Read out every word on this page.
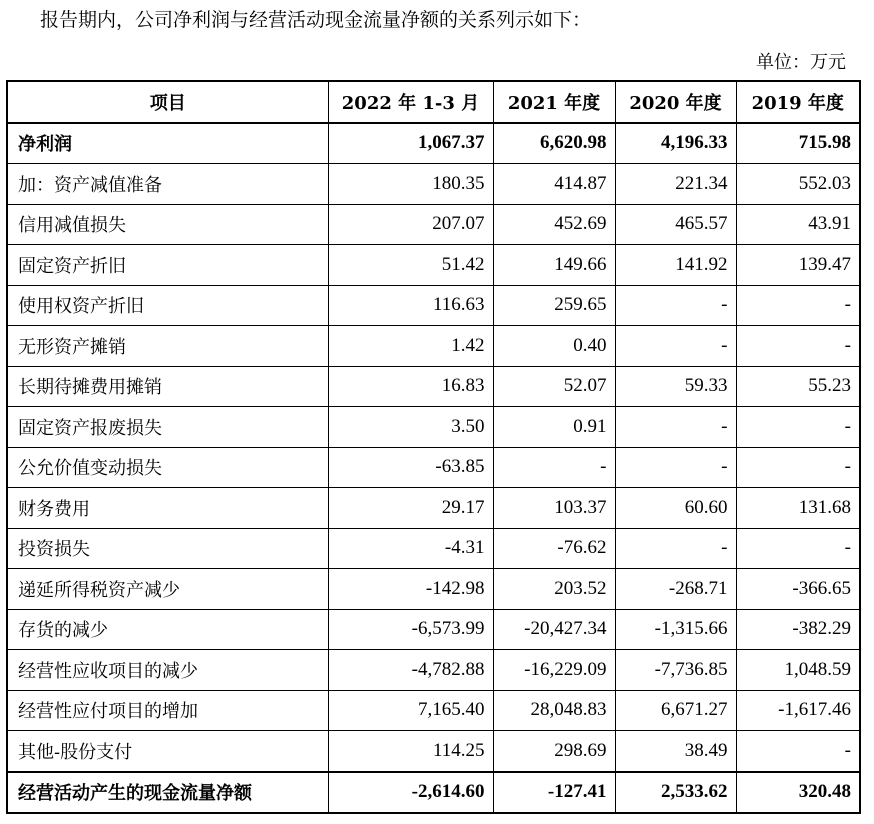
报告期内，公司净利润与经营活动现金流量净额的关系列示如下：
单位：万元
项目	2022 年 1-3 月	2021 年度	2020 年度	2019 年度
净利润	1,067.37	6,620.98	4,196.33	715.98
加：资产减值准备	180.35	414.87	221.34	552.03
信用减值损失	207.07	452.69	465.57	43.91
固定资产折旧	51.42	149.66	141.92	139.47
使用权资产折旧	116.63	259.65	-	-
无形资产摊销	1.42	0.40	-	-
长期待摊费用摊销	16.83	52.07	59.33	55.23
固定资产报废损失	3.50	0.91	-	-
公允价值变动损失	-63.85	-	-	-
财务费用	29.17	103.37	60.60	131.68
投资损失	-4.31	-76.62	-	-
递延所得税资产减少	-142.98	203.52	-268.71	-366.65
存货的减少	-6,573.99	-20,427.34	-1,315.66	-382.29
经营性应收项目的减少	-4,782.88	-16,229.09	-7,736.85	1,048.59
经营性应付项目的增加	7,165.40	28,048.83	6,671.27	-1,617.46
其他-股份支付	114.25	298.69	38.49	-
经营活动产生的现金流量净额	-2,614.60	-127.41	2,533.62	320.48
